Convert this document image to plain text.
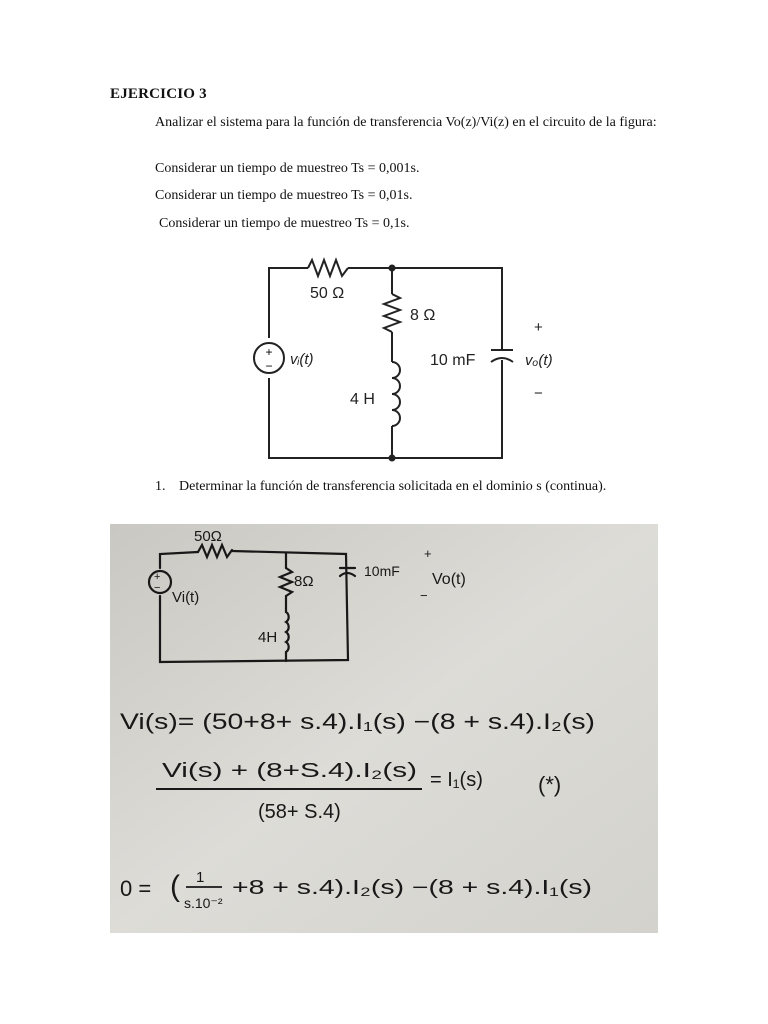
EJERCICIO 3
Analizar el sistema para la función de transferencia Vo(z)/Vi(z) en el circuito de la figura:
Considerar un tiempo de muestreo Ts = 0,001s.
Considerar un tiempo de muestreo Ts = 0,01s.
Considerar un tiempo de muestreo Ts = 0,1s.
+
−
50 Ω
8 Ω
4 H
10 mF
vᵢ(t)	vₒ(t)
+
−
1. Determinar la función de transferencia solicitada en el dominio s (continua).
50Ω
8Ω
4H
10mF
Vi(t)
+
−
+
Vo(t)
−
Vi(s)= (50+8+ s.4).I₁(s) −(8 + s.4).I₂(s)
Vi(s) + (8+S.4).I₂(s)
(58+ S.4)
= I₁(s)	(*)
0 = ( 1
s.10⁻²
+8 + s.4).I₂(s) −(8 + s.4).I₁(s)
